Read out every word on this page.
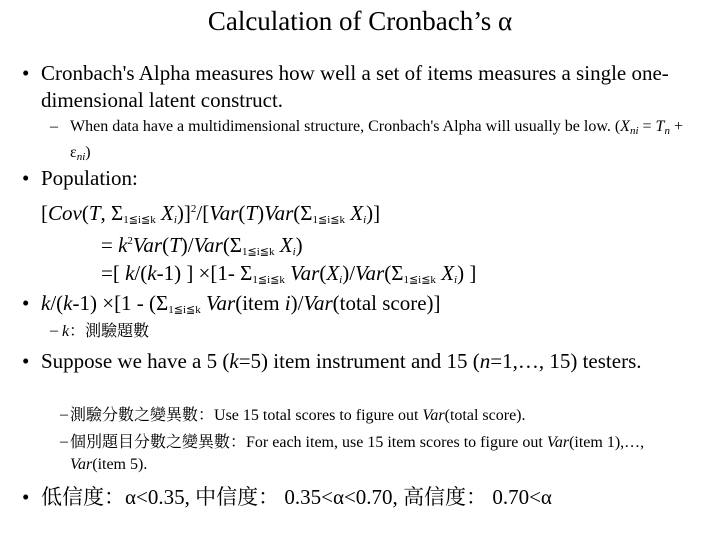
Calculation of Cronbach’s α
• Cronbach's Alpha measures how well a set of items measures a single one-dimensional latent construct.
– When data have a multidimensional structure, Cronbach's Alpha will usually be low. $(X_{ni} = T_n + \varepsilon_{ni})$
• Population:
[Cov(T, $\Sigma_{1≦i≦k}$ $X_i)]^2/[Var(T)Var(\Sigma_{1≦i≦k}$ $X_i$)]
= $k^2Var(T)/Var(\Sigma_{1≦i≦k}$ $X_i$)
=[ k/(k-1) ] ×[1- $\Sigma_{1≦i≦k}$ $Var(X_i)/Var(\Sigma_{1≦i≦k}$ $X_i$) ]
• $k/(k-1) \times[1 - (\Sigma_{1≦i≦k}$ Var(item i)/Var(total score)]
– k：測驗題數
• Suppose we have a 5 (k=5) item instrument and 15 (n=1,…, 15) testers.
– 測驗分數之變異數：Use 15 total scores to figure out Var(total score).
– 個別題目分數之變異數：For each item, use 15 item scores to figure out Var(item 1),…, Var(item 5).
• 低信度：α<0.35, 中信度： 0.35<α<0.70, 高信度： 0.70<α
